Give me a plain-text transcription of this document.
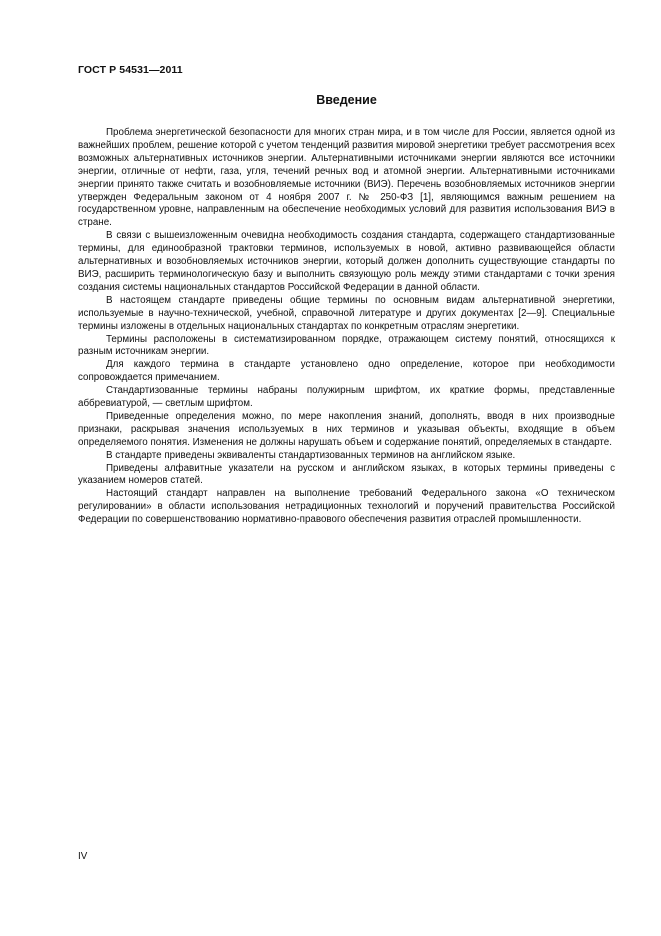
ГОСТ Р 54531—2011
Введение

Проблема энергетической безопасности для многих стран мира, и в том числе для России, является одной из важнейших проблем, решение которой с учетом тенденций развития мировой энергетики требует рассмотрения всех возможных альтернативных источников энергии. Альтернативными источниками энергии являются все источники энергии, отличные от нефти, газа, угля, течений речных вод и атомной энергии. Альтернативными источниками энергии принято также считать и возобновляемые источники (ВИЭ). Перечень возобновляемых источников энергии утвержден Федеральным законом от 4 ноября 2007 г. № 250-ФЗ [1], являющимся важным решением на государственном уровне, направленным на обеспечение необходимых условий для развития использования ВИЭ в стране.

В связи с вышеизложенным очевидна необходимость создания стандарта, содержащего стандартизованные термины, для единообразной трактовки терминов, используемых в новой, активно развивающейся области альтернативных и возобновляемых источников энергии, который должен дополнить существующие стандарты по ВИЭ, расширить терминологическую базу и выполнить связующую роль между этими стандартами с точки зрения создания системы национальных стандартов Российской Федерации в данной области.

В настоящем стандарте приведены общие термины по основным видам альтернативной энергетики, используемые в научно-технической, учебной, справочной литературе и других документах [2—9]. Специальные термины изложены в отдельных национальных стандартах по конкретным отраслям энергетики.

Термины расположены в систематизированном порядке, отражающем систему понятий, относящихся к разным источникам энергии.

Для каждого термина в стандарте установлено одно определение, которое при необходимости сопровождается примечанием.

Стандартизованные термины набраны полужирным шрифтом, их краткие формы, представленные аббревиатурой, — светлым шрифтом.

Приведенные определения можно, по мере накопления знаний, дополнять, вводя в них производные признаки, раскрывая значения используемых в них терминов и указывая объекты, входящие в объем определяемого понятия. Изменения не должны нарушать объем и содержание понятий, определяемых в стандарте.

В стандарте приведены эквиваленты стандартизованных терминов на английском языке.

Приведены алфавитные указатели на русском и английском языках, в которых термины приведены с указанием номеров статей.

Настоящий стандарт направлен на выполнение требований Федерального закона «О техническом регулировании» в области использования нетрадиционных технологий и поручений правительства Российской Федерации по совершенствованию нормативно-правового обеспечения развития отраслей промышленности.

IV
